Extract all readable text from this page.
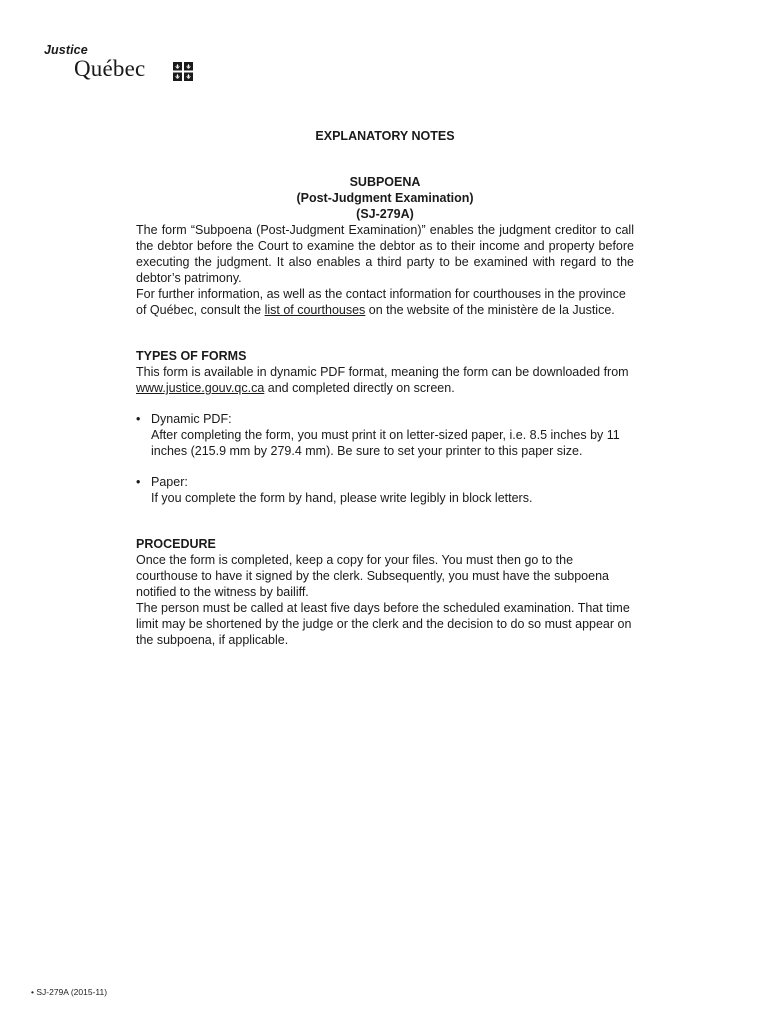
Justice
Québec
EXPLANATORY NOTES
SUBPOENA
(Post-Judgment Examination)
(SJ-279A)

The form “Subpoena (Post-Judgment Examination)” enables the judgment creditor to call the debtor before the Court to examine the debtor as to their income and property before executing the judgment. It also enables a third party to be examined with regard to the debtor’s patrimony.

For further information, as well as the contact information for courthouses in the province of Québec, consult the list of courthouses on the website of the ministère de la Justice.

TYPES OF FORMS

This form is available in dynamic PDF format, meaning the form can be downloaded from www.justice.gouv.qc.ca and completed directly on screen.

• Dynamic PDF:

After completing the form, you must print it on letter-sized paper, i.e. 8.5 inches by 11 inches (215.9 mm by 279.4 mm). Be sure to set your printer to this paper size.

• Paper:

If you complete the form by hand, please write legibly in block letters.

PROCEDURE

Once the form is completed, keep a copy for your files. You must then go to the courthouse to have it signed by the clerk. Subsequently, you must have the subpoena notified to the witness by bailiff.

The person must be called at least five days before the scheduled examination. That time limit may be shortened by the judge or the clerk and the decision to do so must appear on the subpoena, if applicable.

• SJ-279A (2015-11)
